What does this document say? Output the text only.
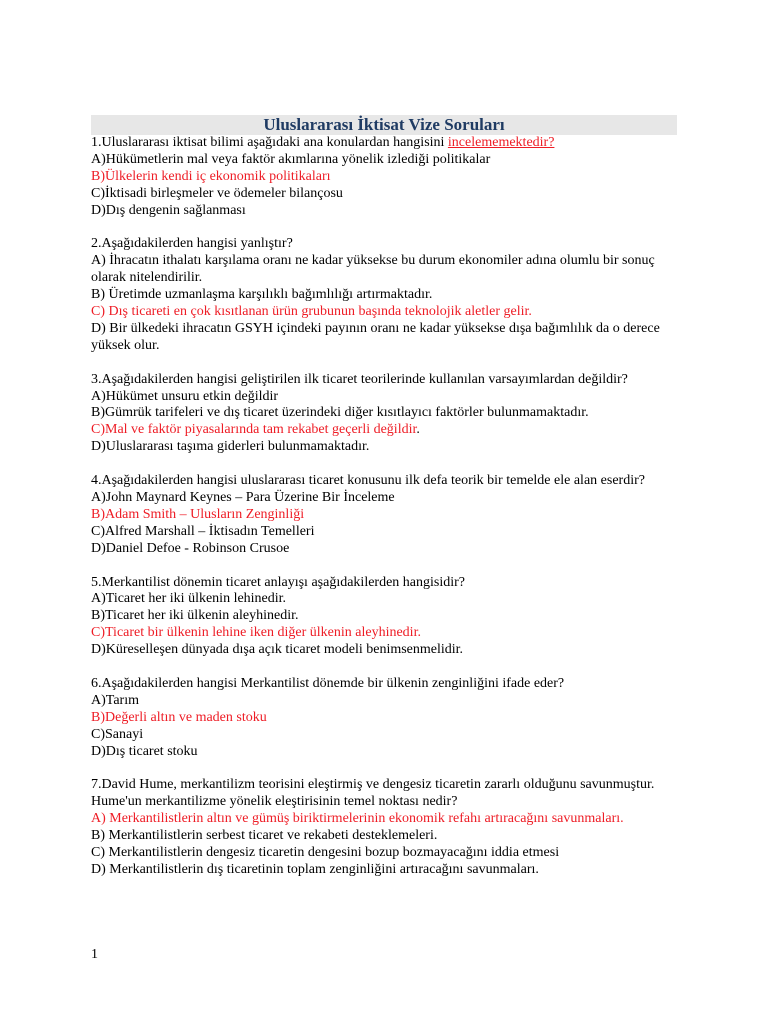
Uluslararası İktisat Vize Soruları
1.Uluslararası iktisat bilimi aşağıdaki ana konulardan hangisini incelememektedir?
A)Hükümetlerin mal veya faktör akımlarına yönelik izlediği politikalar
B)Ülkelerin kendi iç ekonomik politikaları
C)İktisadi birleşmeler ve ödemeler bilançosu
D)Dış dengenin sağlanması
2.Aşağıdakilerden hangisi yanlıştır?
A) İhracatın ithalatı karşılama oranı ne kadar yüksekse bu durum ekonomiler adına olumlu bir sonuç olarak nitelendirilir.
B) Üretimde uzmanlaşma karşılıklı bağımlılığı artırmaktadır.
C) Dış ticareti en çok kısıtlanan ürün grubunun başında teknolojik aletler gelir.
D) Bir ülkedeki ihracatın GSYH içindeki payının oranı ne kadar yüksekse dışa bağımlılık da o derece yüksek olur.
3.Aşağıdakilerden hangisi geliştirilen ilk ticaret teorilerinde kullanılan varsayımlardan değildir?
A)Hükümet unsuru etkin değildir
B)Gümrük tarifeleri ve dış ticaret üzerindeki diğer kısıtlayıcı faktörler bulunmamaktadır.
C)Mal ve faktör piyasalarında tam rekabet geçerli değildir.
D)Uluslararası taşıma giderleri bulunmamaktadır.
4.Aşağıdakilerden hangisi uluslararası ticaret konusunu ilk defa teorik bir temelde ele alan eserdir?
A)John Maynard Keynes – Para Üzerine Bir İnceleme
B)Adam Smith – Ulusların Zenginliği
C)Alfred Marshall – İktisadın Temelleri
D)Daniel Defoe - Robinson Crusoe
5.Merkantilist dönemin ticaret anlayışı aşağıdakilerden hangisidir?
A)Ticaret her iki ülkenin lehinedir.
B)Ticaret her iki ülkenin aleyhinedir.
C)Ticaret bir ülkenin lehine iken diğer ülkenin aleyhinedir.
D)Küreselleşen dünyada dışa açık ticaret modeli benimsenmelidir.
6.Aşağıdakilerden hangisi Merkantilist dönemde bir ülkenin zenginliğini ifade eder?
A)Tarım
B)Değerli altın ve maden stoku
C)Sanayi
D)Dış ticaret stoku
7.David Hume, merkantilizm teorisini eleştirmiş ve dengesiz ticaretin zararlı olduğunu savunmuştur. Hume'un merkantilizme yönelik eleştirisinin temel noktası nedir?
A) Merkantilistlerin altın ve gümüş biriktirmelerinin ekonomik refahı artıracağını savunmaları.
B) Merkantilistlerin serbest ticaret ve rekabeti desteklemeleri.
C) Merkantilistlerin dengesiz ticaretin dengesini bozup bozmayacağını iddia etmesi
D) Merkantilistlerin dış ticaretinin toplam zenginliğini artıracağını savunmaları.
1
